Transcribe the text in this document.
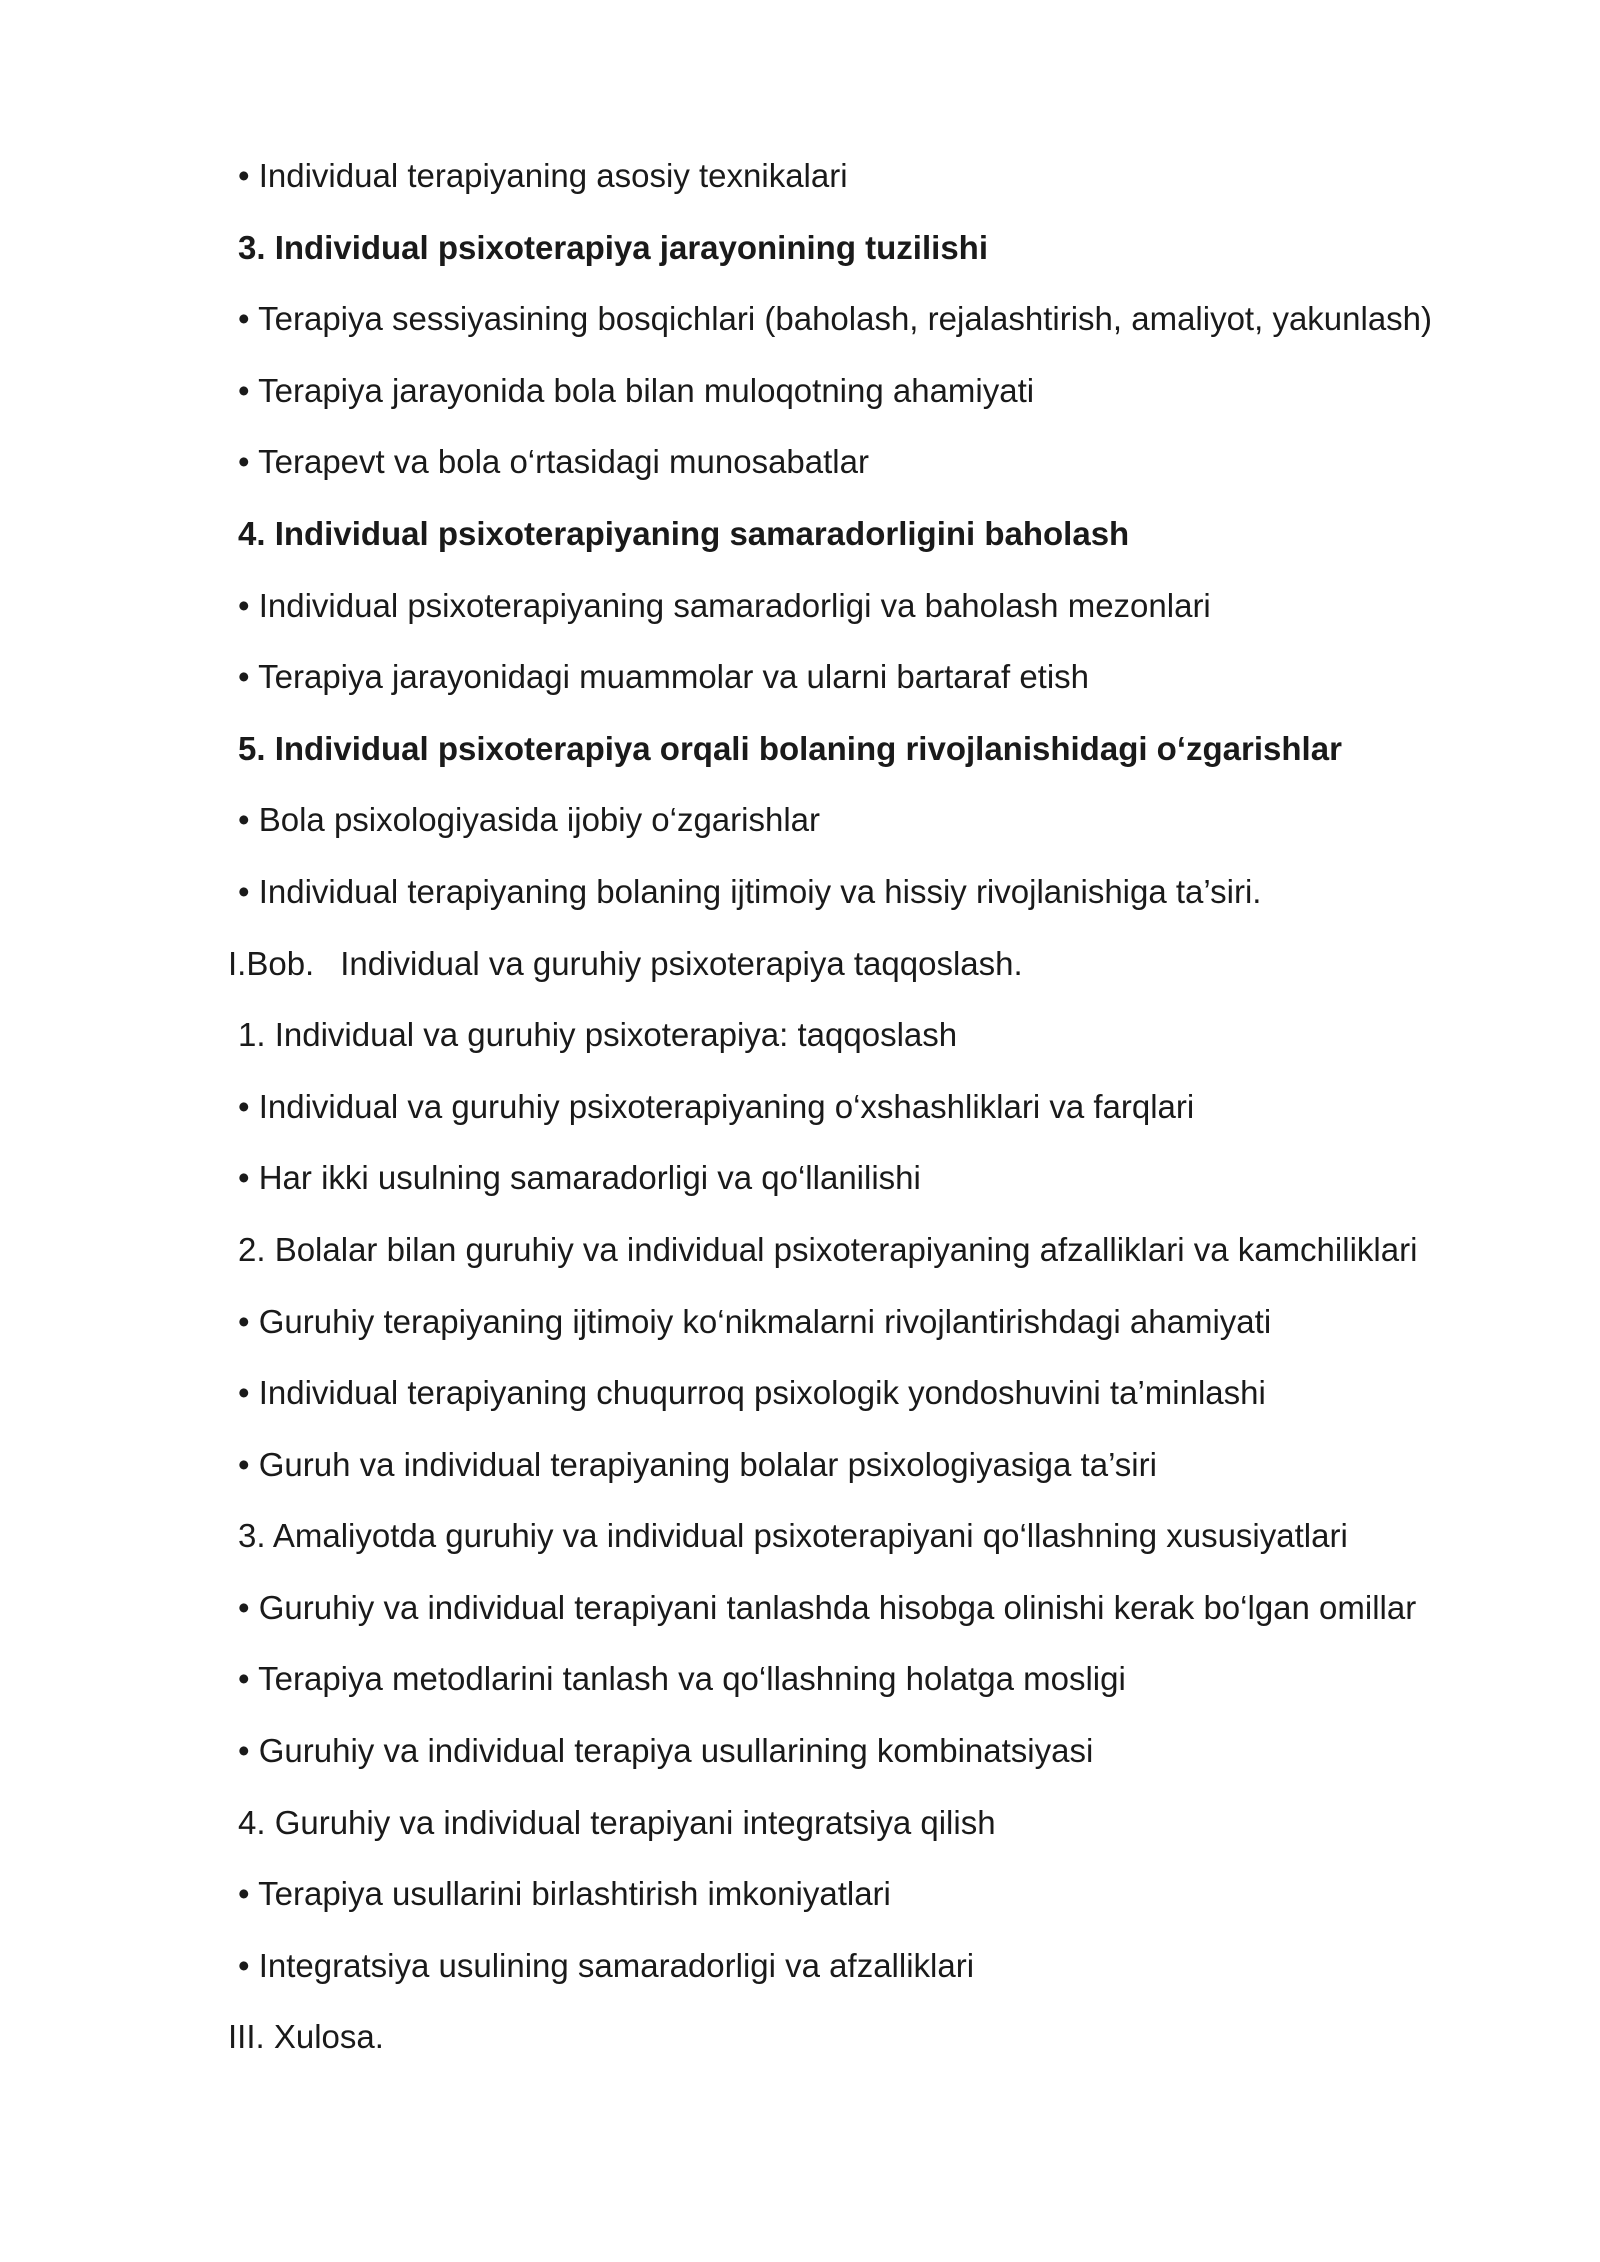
• Individual terapiyaning asosiy texnikalari
3. Individual psixoterapiya jarayonining tuzilishi
• Terapiya sessiyasining bosqichlari (baholash, rejalashtirish, amaliyot, yakunlash)
• Terapiya jarayonida bola bilan muloqotning ahamiyati
• Terapevt va bola o‘rtasidagi munosabatlar
4. Individual psixoterapiyaning samaradorligini baholash
• Individual psixoterapiyaning samaradorligi va baholash mezonlari
• Terapiya jarayonidagi muammolar va ularni bartaraf etish
5. Individual psixoterapiya orqali bolaning rivojlanishidagi o‘zgarishlar
• Bola psixologiyasida ijobiy o‘zgarishlar
• Individual terapiyaning bolaning ijtimoiy va hissiy rivojlanishiga ta’siri.
I.Bob. Individual va guruhiy psixoterapiya taqqoslash.
1. Individual va guruhiy psixoterapiya: taqqoslash
• Individual va guruhiy psixoterapiyaning o‘xshashliklari va farqlari
• Har ikki usulning samaradorligi va qo‘llanilishi
2. Bolalar bilan guruhiy va individual psixoterapiyaning afzalliklari va kamchiliklari
• Guruhiy terapiyaning ijtimoiy ko‘nikmalarni rivojlantirishdagi ahamiyati
• Individual terapiyaning chuqurroq psixologik yondoshuvini ta’minlashi
• Guruh va individual terapiyaning bolalar psixologiyasiga ta’siri
3. Amaliyotda guruhiy va individual psixoterapiyani qo‘llashning xususiyatlari
• Guruhiy va individual terapiyani tanlashda hisobga olinishi kerak bo‘lgan omillar
• Terapiya metodlarini tanlash va qo‘llashning holatga mosligi
• Guruhiy va individual terapiya usullarining kombinatsiyasi
4. Guruhiy va individual terapiyani integratsiya qilish
• Terapiya usullarini birlashtirish imkoniyatlari
• Integratsiya usulining samaradorligi va afzalliklari
III. Xulosa.
